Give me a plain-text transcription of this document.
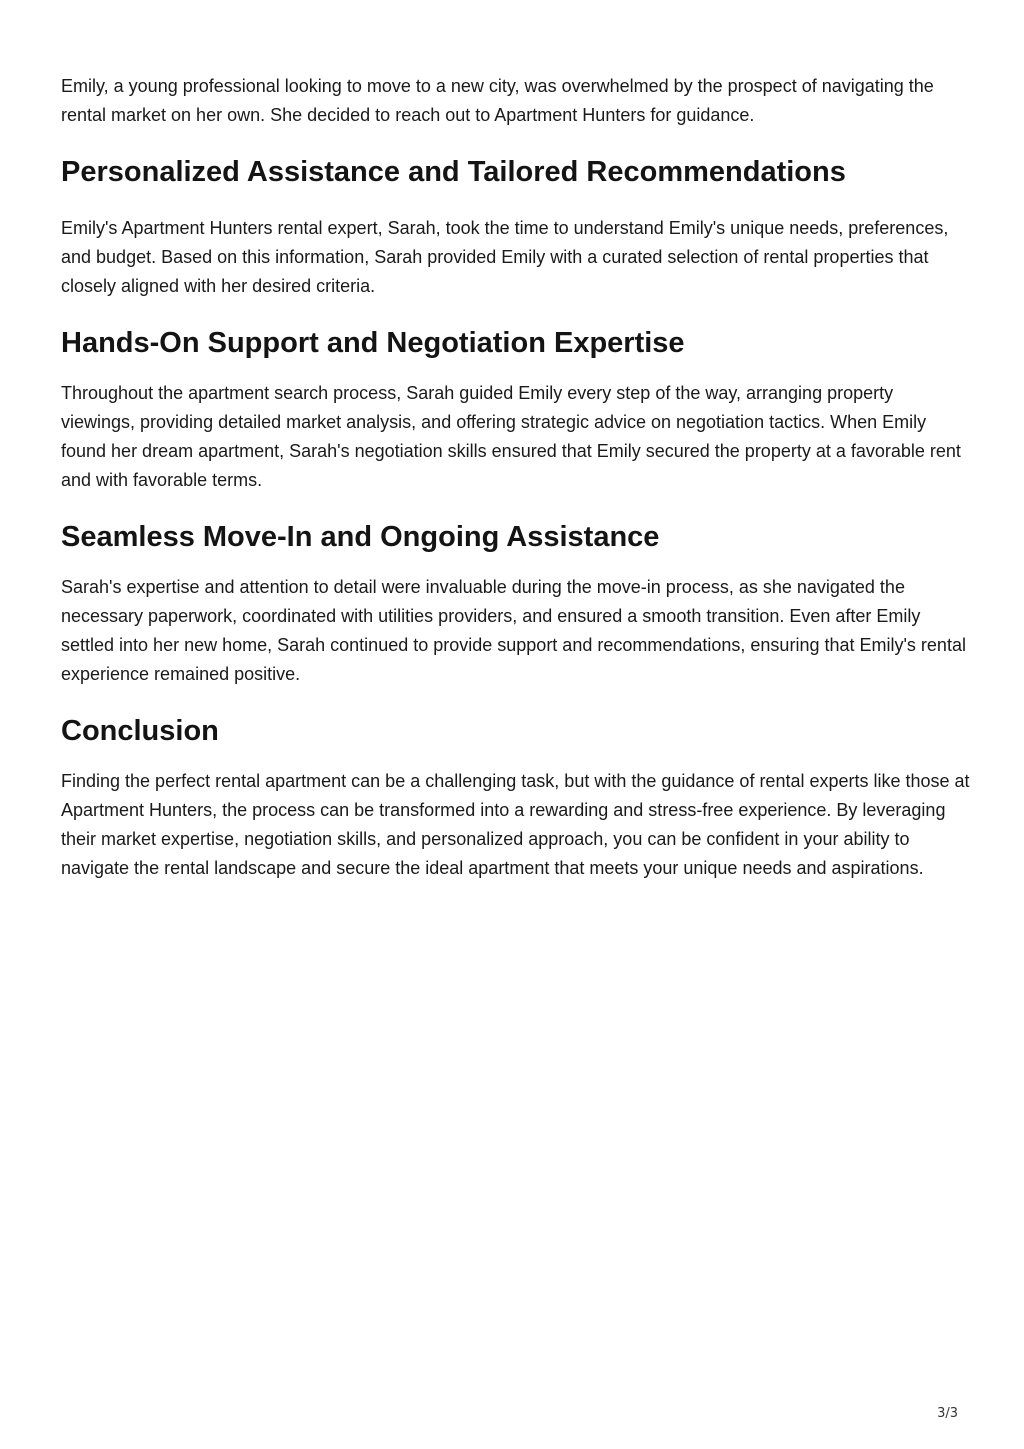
Emily, a young professional looking to move to a new city, was overwhelmed by the prospect of navigating the rental market on her own. She decided to reach out to Apartment Hunters for guidance.

Personalized Assistance and Tailored Recommendations

Emily's Apartment Hunters rental expert, Sarah, took the time to understand Emily's unique needs, preferences, and budget. Based on this information, Sarah provided Emily with a curated selection of rental properties that closely aligned with her desired criteria.

Hands-On Support and Negotiation Expertise

Throughout the apartment search process, Sarah guided Emily every step of the way, arranging property viewings, providing detailed market analysis, and offering strategic advice on negotiation tactics. When Emily found her dream apartment, Sarah's negotiation skills ensured that Emily secured the property at a favorable rent and with favorable terms.

Seamless Move-In and Ongoing Assistance

Sarah's expertise and attention to detail were invaluable during the move-in process, as she navigated the necessary paperwork, coordinated with utilities providers, and ensured a smooth transition. Even after Emily settled into her new home, Sarah continued to provide support and recommendations, ensuring that Emily's rental experience remained positive.

Conclusion

Finding the perfect rental apartment can be a challenging task, but with the guidance of rental experts like those at Apartment Hunters, the process can be transformed into a rewarding and stress-free experience. By leveraging their market expertise, negotiation skills, and personalized approach, you can be confident in your ability to navigate the rental landscape and secure the ideal apartment that meets your unique needs and aspirations.

3/3
